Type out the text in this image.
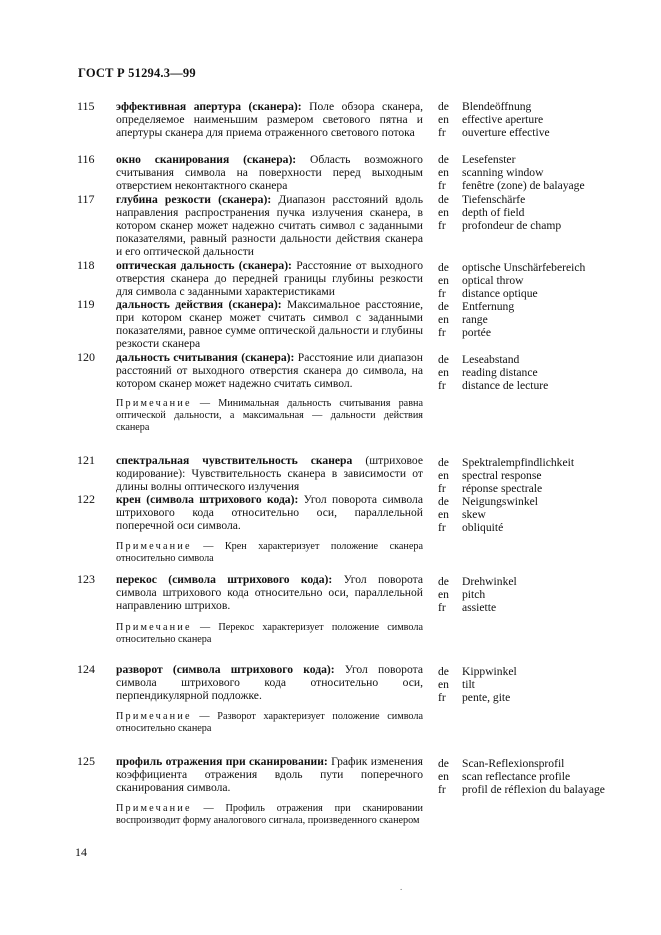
ГОСТ Р 51294.3—99
115 эффективная апертура (сканера): Поле обзора сканера, определяемое наименьшим размером светового пятна и апертуры сканера для приема отраженного светового потока
de
en
fr
Blendeöffnung
effective aperture
ouverture effective
116 окно сканирования (сканера): Область возможного считывания символа на поверхности перед выходным отверстием неконтактного сканера
de
en
fr
Lesefenster
scanning window
fenêtre (zone) de balayage
117 глубина резкости (сканера): Диапазон расстояний вдоль направления распространения пучка излучения сканера, в котором сканер может надежно считать символ с заданными показателями, равный разности дальности действия сканера и его оптической дальности
de
en
fr
Tiefenschärfe
depth of field
profondeur de champ
118 оптическая дальность (сканера): Расстояние от выходного отверстия сканера до передней границы глубины резкости для символа с заданными характеристиками
de
en
fr
optische Unschärfebereich
optical throw
distance optique
119 дальность действия (сканера): Максимальное расстояние, при котором сканер может считать символ с заданными показателями, равное сумме оптической дальности и глубины резкости сканера
de
en
fr
Entfernung
range
portée
120 дальность считывания (сканера): Расстояние или диапазон расстояний от выходного отверстия сканера до символа, на котором сканер может надежно считать символ.
de
en
fr
Leseabstand
reading distance
distance de lecture
Примечание — Минимальная дальность считывания равна оптической дальности, а максимальная — дальности действия сканера
121 спектральная чувствительность сканера (штриховое кодирование): Чувствительность сканера в зависимости от длины волны оптического излучения
de
en
fr
Spektralempfindlichkeit
spectral response
réponse spectrale
122 крен (символа штрихового кода): Угол поворота символа штрихового кода относительно оси, параллельной поперечной оси символа.
de
en
fr
Neigungswinkel
skew
obliquité
Примечание — Крен характеризует положение сканера относительно символа
123 перекос (символа штрихового кода): Угол поворота символа штрихового кода относительно оси, параллельной направлению штрихов.
de
en
fr
Drehwinkel
pitch
assiette
Примечание — Перекос характеризует положение символа относительно сканера
124 разворот (символа штрихового кода): Угол поворота символа штрихового кода относительно оси, перпендикулярной подложке.
de
en
fr
Kippwinkel
tilt
pente, gite
Примечание — Разворот характеризует положение символа относительно сканера
125 профиль отражения при сканировании: График изменения коэффициента отражения вдоль пути поперечного сканирования символа.
de
en
fr
Scan-Reflexionsprofil
scan reflectance profile
profil de réflexion du balayage
Примечание — Профиль отражения при сканировании воспроизводит форму аналогового сигнала, произведенного сканером
14
.
